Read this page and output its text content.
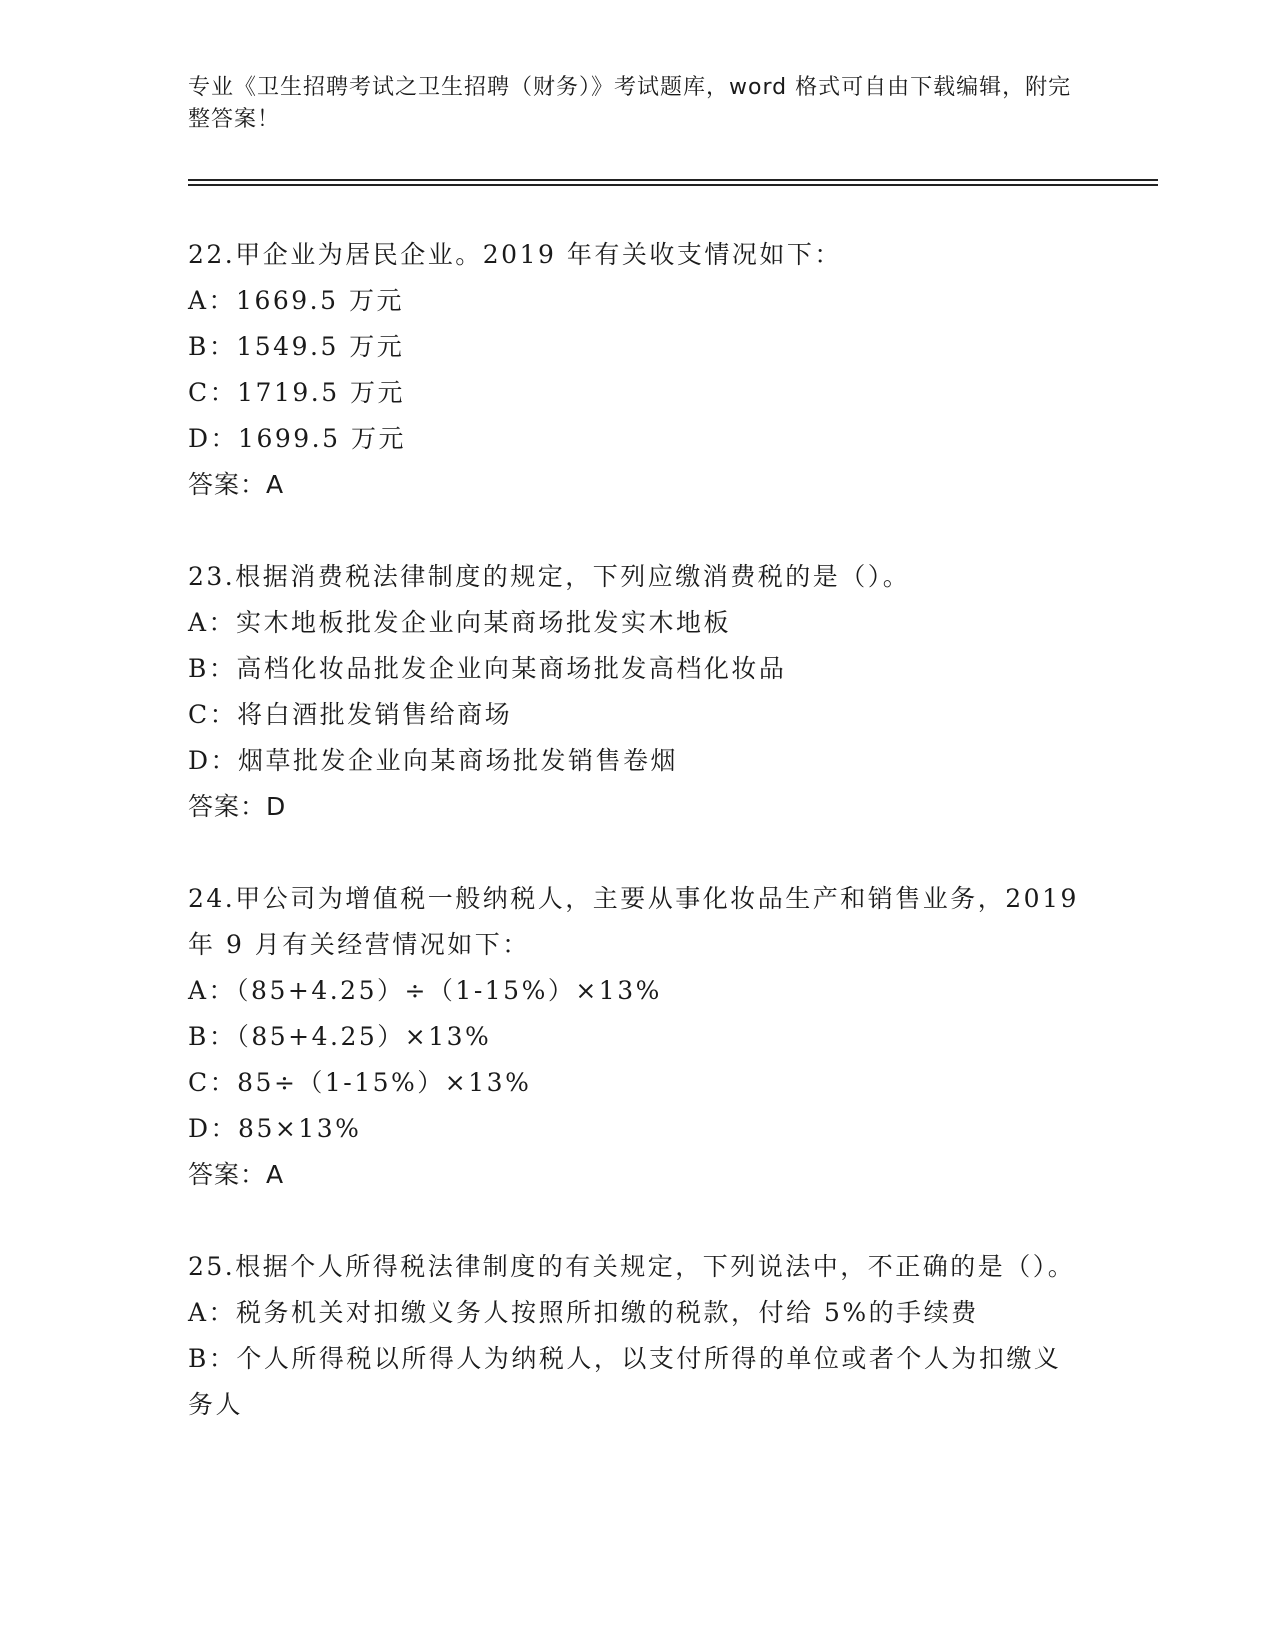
专业《卫生招聘考试之卫生招聘（财务）》考试题库，word 格式可自由下载编辑，附完整答案！

22.甲企业为居民企业。2019 年有关收支情况如下：

A：1669.5 万元
B：1549.5 万元
C：1719.5 万元
D：1699.5 万元
答案：A

23.根据消费税法律制度的规定，下列应缴消费税的是（）。

A：实木地板批发企业向某商场批发实木地板
B：高档化妆品批发企业向某商场批发高档化妆品
C：将白酒批发销售给商场
D：烟草批发企业向某商场批发销售卷烟
答案：D

24.甲公司为增值税一般纳税人，主要从事化妆品生产和销售业务，2019 年 9 月有关经营情况如下：

A：（85+4.25）÷（1-15%）×13%
B：（85+4.25）×13%
C：85÷（1-15%）×13%
D：85×13%
答案：A

25.根据个人所得税法律制度的有关规定，下列说法中，不正确的是（）。

A：税务机关对扣缴义务人按照所扣缴的税款，付给 5%的手续费
B：个人所得税以所得人为纳税人，以支付所得的单位或者个人为扣缴义务人
